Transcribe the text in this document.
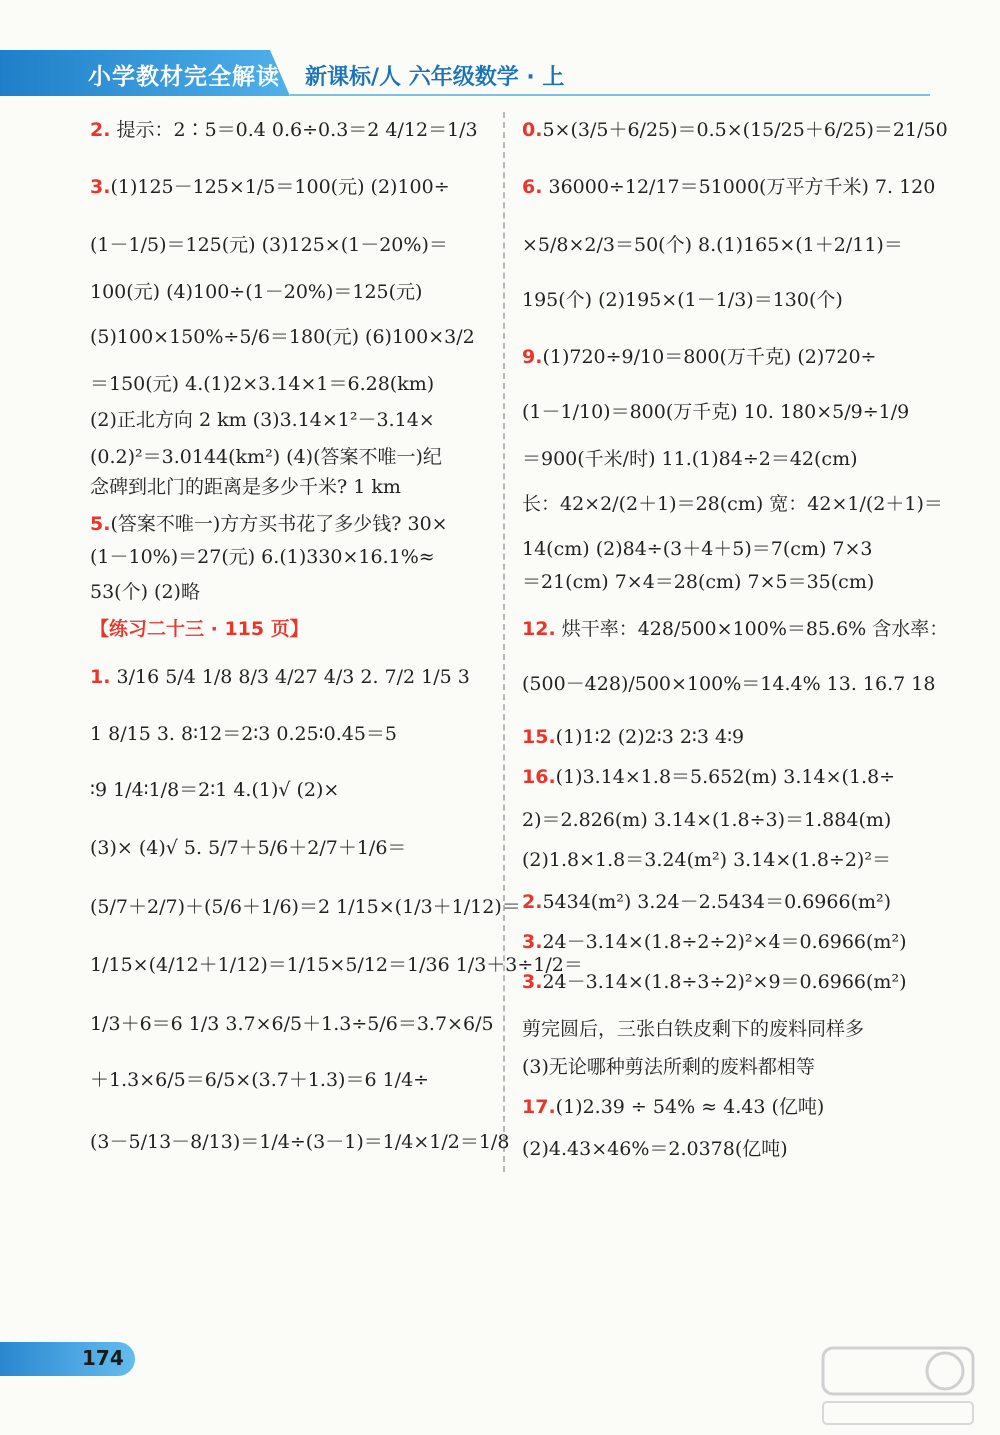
小学教材完全解读 新课标/人 六年级数学 · 上
2. 提示：2∶5＝0.4 0.6÷0.3＝2 4/12＝1/3
3.(1)125－125×1/5＝100(元) (2)100÷
(1－1/5)＝125(元) (3)125×(1－20%)＝
100(元) (4)100÷(1－20%)＝125(元)
(5)100×150%÷5/6＝180(元) (6)100×3/2
＝150(元) 4.(1)2×3.14×1＝6.28(km)
(2)正北方向 2 km (3)3.14×1²－3.14×
(0.2)²＝3.0144(km²) (4)(答案不唯一)纪
念碑到北门的距离是多少千米? 1 km
5.(答案不唯一)方方买书花了多少钱? 30×
(1－10%)＝27(元) 6.(1)330×16.1%≈
53(个) (2)略
【练习二十三 · 115 页】
1. 3/16 5/4 1/8 8/3 4/27 4/3 2. 7/2 1/5 3
1 8/15 3. 8∶12＝2∶3 0.25∶0.45＝5
∶9 1/4∶1/8＝2∶1 4.(1)√ (2)×
(3)× (4)√ 5. 5/7＋5/6＋2/7＋1/6＝
(5/7＋2/7)＋(5/6＋1/6)＝2 1/15×(1/3＋1/12)＝
1/15×(4/12＋1/12)＝1/15×5/12＝1/36 1/3＋3÷1/2＝
1/3＋6＝6 1/3 3.7×6/5＋1.3÷5/6＝3.7×6/5
＋1.3×6/5＝6/5×(3.7＋1.3)＝6 1/4÷
(3－5/13－8/13)＝1/4÷(3－1)＝1/4×1/2＝1/8
0.5×(3/5＋6/25)＝0.5×(15/25＋6/25)＝21/50
6. 36000÷12/17＝51000(万平方千米) 7. 120
×5/8×2/3＝50(个) 8.(1)165×(1＋2/11)＝
195(个) (2)195×(1－1/3)＝130(个)
9.(1)720÷9/10＝800(万千克) (2)720÷
(1－1/10)＝800(万千克) 10. 180×5/9÷1/9
＝900(千米/时) 11.(1)84÷2＝42(cm)
长：42×2/(2＋1)＝28(cm) 宽：42×1/(2＋1)＝
14(cm) (2)84÷(3＋4＋5)＝7(cm) 7×3
＝21(cm) 7×4＝28(cm) 7×5＝35(cm)
12. 烘干率：428/500×100%＝85.6% 含水率：
(500－428)/500×100%＝14.4% 13. 16.7 18
15.(1)1∶2 (2)2∶3 2∶3 4∶9
16.(1)3.14×1.8＝5.652(m) 3.14×(1.8÷
2)＝2.826(m) 3.14×(1.8÷3)＝1.884(m)
(2)1.8×1.8＝3.24(m²) 3.14×(1.8÷2)²＝
2.5434(m²) 3.24－2.5434＝0.6966(m²)
3.24－3.14×(1.8÷2÷2)²×4＝0.6966(m²)
3.24－3.14×(1.8÷3÷2)²×9＝0.6966(m²)
剪完圆后，三张白铁皮剩下的废料同样多
(3)无论哪种剪法所剩的废料都相等
17.(1)2.39 ÷ 54% ≈ 4.43 (亿吨)
(2)4.43×46%＝2.0378(亿吨)
174
